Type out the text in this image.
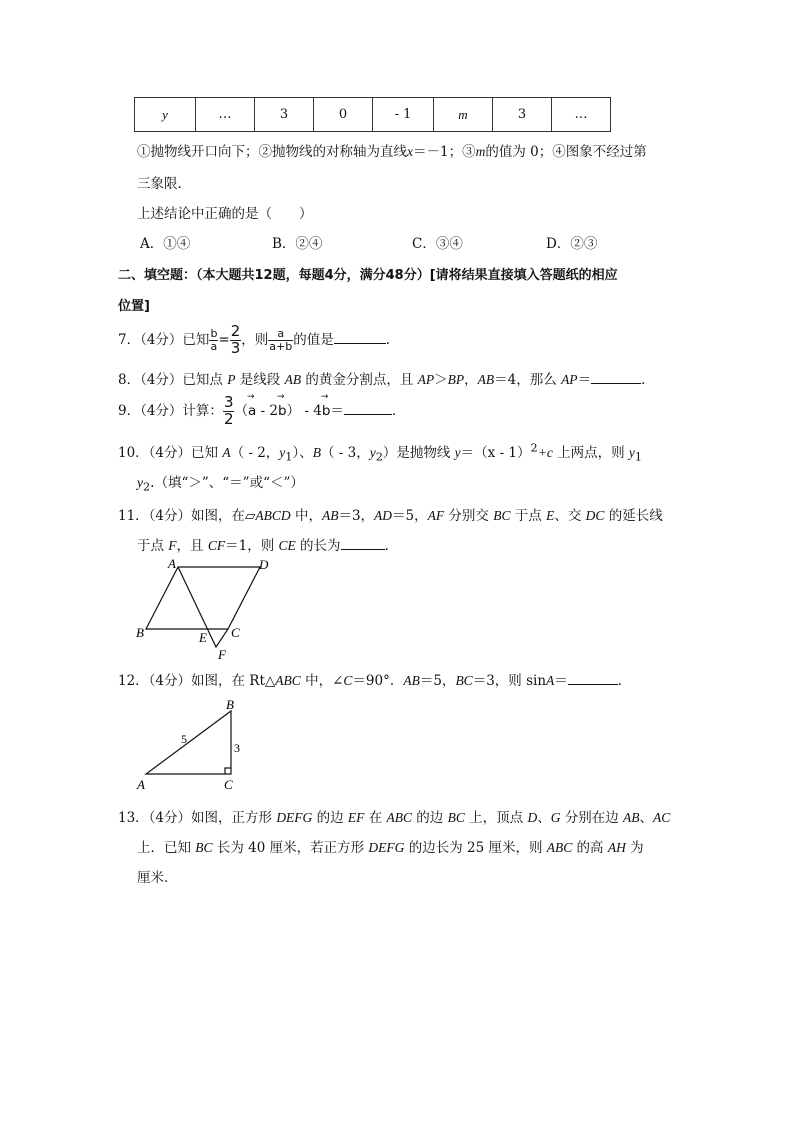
y	…	3	0	- 1	m	3	…
①抛物线开口向下；②抛物线的对称轴为直线x＝－1；③m的值为 0；④图象不经过第
三象限.
上述结论中正确的是（　　）
A．①④	B．②④	C．③④	D．②③
二、填空题：（本大题共12题，每题4分，满分48分）[请将结果直接填入答题纸的相应
位置]
7．（4分）已知 $\frac{b}{a} = \frac{2}{3}$ ，则 $\frac{a}{a+b}$ 的值是	．
8．（4分）已知点 P 是线段 AB 的黄金分割点，且 AP＞BP，AB＝4，那么 AP＝	．
9．（4分）计算： $\frac{3}{2}$ （→ a - 2→ b） - 4→ b＝	．
10．（4分）已知 A（ - 2，$y_1$）、B（ - 3，$y_2$）是抛物线 y＝（x - 1）$^2$+c 上两点，则 $y_1$
$y_2$.（填“＞”、“＝”或“＜”）
11．（4分）如图，在▱ABCD 中，AB＝3，AD＝5，AF 分别交 BC 于点 E、交 DC 的延长线
于点 F，且 CF＝1，则 CE 的长为	．
A	D
B	E C
F
12．（4分）如图，在 Rt△ABC 中，∠C＝90°．AB＝5，BC＝3，则 sinA＝	．
B
A	C
5
3
13．（4分）如图，正方形 DEFG 的边 EF 在 ABC 的边 BC 上，顶点 D、G 分别在边 AB、AC
上．已知 BC 长为 40 厘米，若正方形 DEFG 的边长为 25 厘米，则 ABC 的高 AH 为
厘米．
